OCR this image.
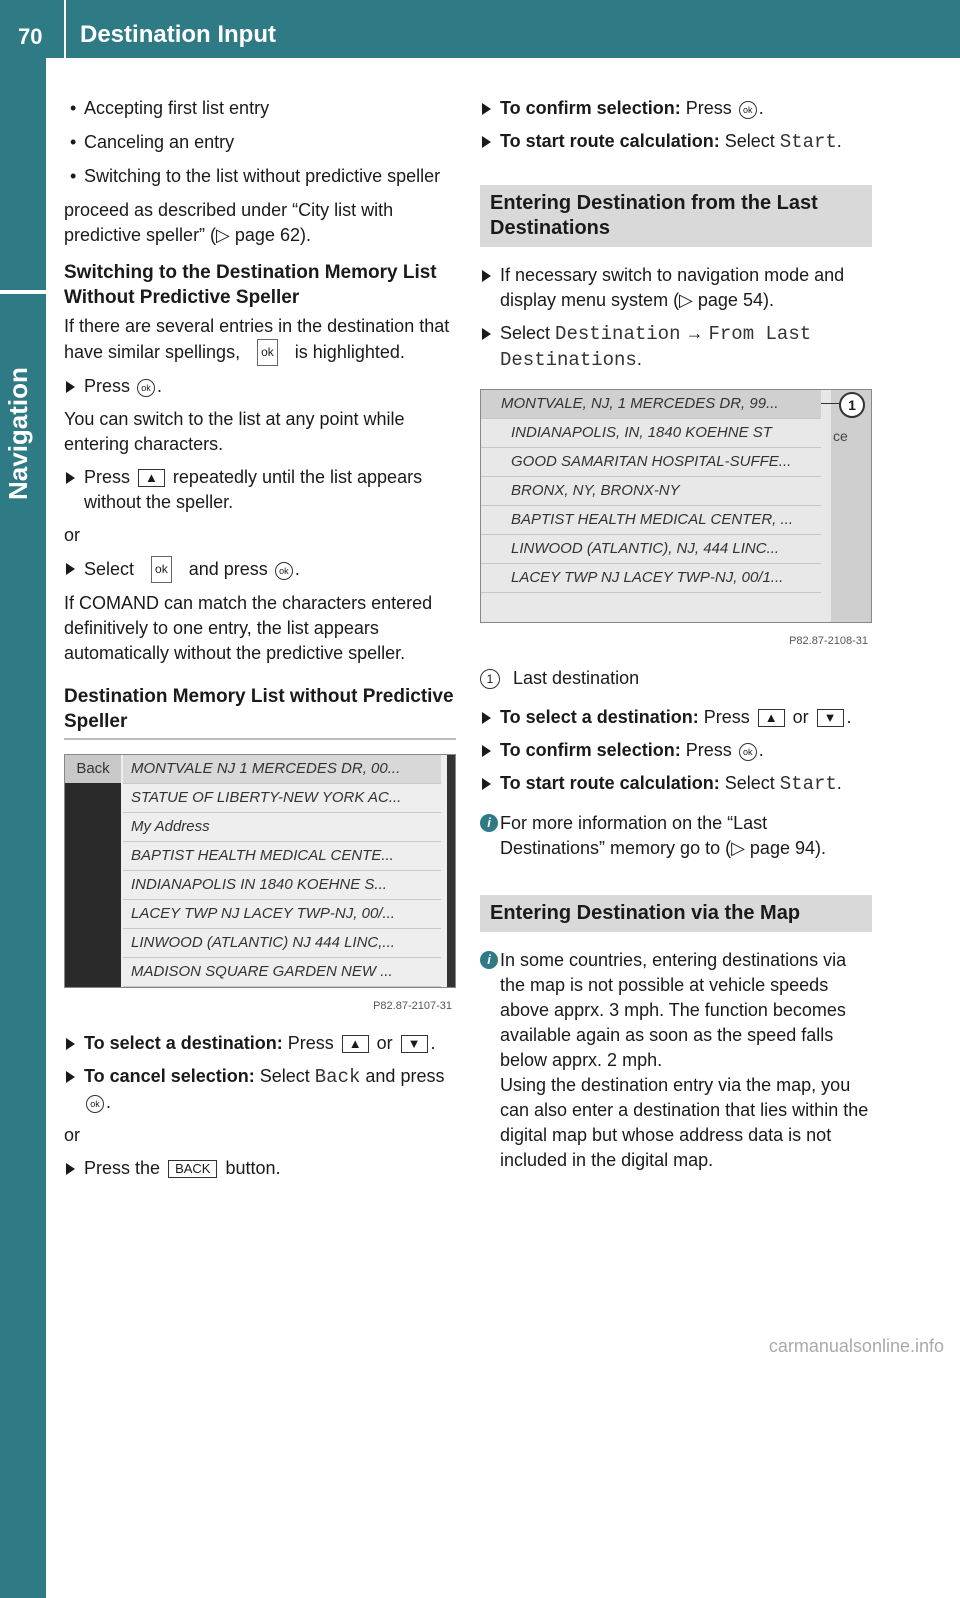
70 Destination Input
Navigation

• Accepting first list entry

• Canceling an entry

• Switching to the list without predictive speller

proceed as described under “City list with predictive speller” (▷ page 62).

Switching to the Destination Memory List Without Predictive Speller

If there are several entries in the destination that have similar spellings, ok is highlighted.

Press ok .

You can switch to the list at any point while entering characters.

Press ▲ repeatedly until the list appears without the speller.

or

Select ok and press ok .

If COMAND can match the characters entered definitively to one entry, the list appears automatically without the predictive speller.

Destination Memory List without Predictive Speller

Back	MONTVALE NJ 1 MERCEDES DR, 00...
STATUE OF LIBERTY-NEW YORK AC...
My Address
BAPTIST HEALTH MEDICAL CENTE...
INDIANAPOLIS IN 1840 KOEHNE S...
LACEY TWP NJ LACEY TWP-NJ, 00/...
LINWOOD (ATLANTIC) NJ 444 LINC,...
MADISON SQUARE GARDEN NEW ...

P82.87-2107-31

To select a destination: Press ▲ or ▼ .

To cancel selection: Select Back and press ok .

or

Press the BACK button.

To confirm selection: Press ok .

To start route calculation: Select Start.

Entering Destination from the Last Destinations

If necessary switch to navigation mode and display menu system (▷ page 54).

Select Destination → From Last Destinations.

MONTVALE, NJ, 1 MERCEDES DR, 99...
INDIANAPOLIS, IN, 1840 KOEHNE ST
GOOD SAMARITAN HOSPITAL-SUFFE...
BRONX, NY, BRONX-NY
BAPTIST HEALTH MEDICAL CENTER, ...
LINWOOD (ATLANTIC), NJ, 444 LINC...
LACEY TWP NJ LACEY TWP-NJ, 00/1...
ce
1

P82.87-2108-31

1 Last destination

To select a destination: Press ▲ or ▼ .

To confirm selection: Press ok .

To start route calculation: Select Start.

i For more information on the “Last Destinations” memory go to (▷ page 94).

Entering Destination via the Map

i In some countries, entering destinations via the map is not possible at vehicle speeds above apprx. 3 mph. The function becomes available again as soon as the speed falls below apprx. 2 mph.
Using the destination entry via the map, you can also enter a destination that lies within the digital map but whose address data is not included in the digital map.

carmanualsonline.info
